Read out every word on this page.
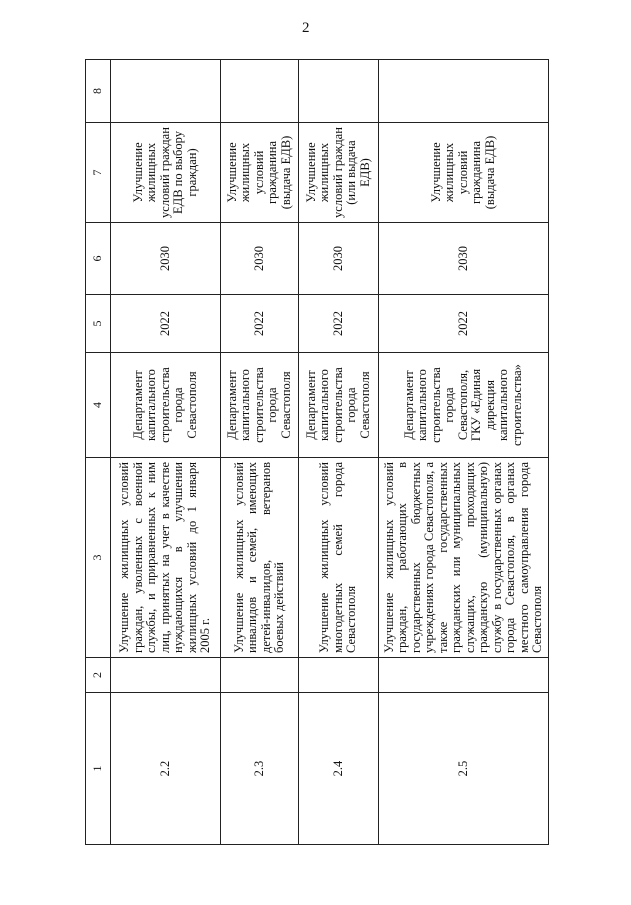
2
1	2	3	4	5	6	7	8
2.2		Улучшение жилищных условий граждан, уволенных с военной службы, и приравненных к ним лиц, принятых на учет в качестве нуждающихся в улучшении жилищных условий до 1 января 2005 г.	Департамент капитального строительства города Севастополя	2022	2030	Улучшение жилищных условий граждан ЕДВ по выбору граждан)	
2.3		Улучшение жилищных условий инвалидов и семей, имеющих детей-инвалидов, ветеранов боевых действий	Департамент капитального строительства города Севастополя	2022	2030	Улучшение жилищных условий гражданина (выдача ЕДВ)	
2.4		Улучшение жилищных условий многодетных семей города Севастополя	Департамент капитального строительства города Севастополя	2022	2030	Улучшение жилищных условий граждан (или выдача ЕДВ)	
2.5		Улучшение жилищных условий граждан, работающих в государственных бюджетных учреждениях города Севастополя, а также государственных гражданских или муниципальных служащих, проходящих гражданскую (муниципальную) службу в государственных органах города Севастополя, в органах местного самоуправления города Севастополя	Департамент капитального строительства города Севастополя, ГКУ «Единая дирекция капитального строительства»	2022	2030	Улучшение жилищных условий гражданина (выдача ЕДВ)	
